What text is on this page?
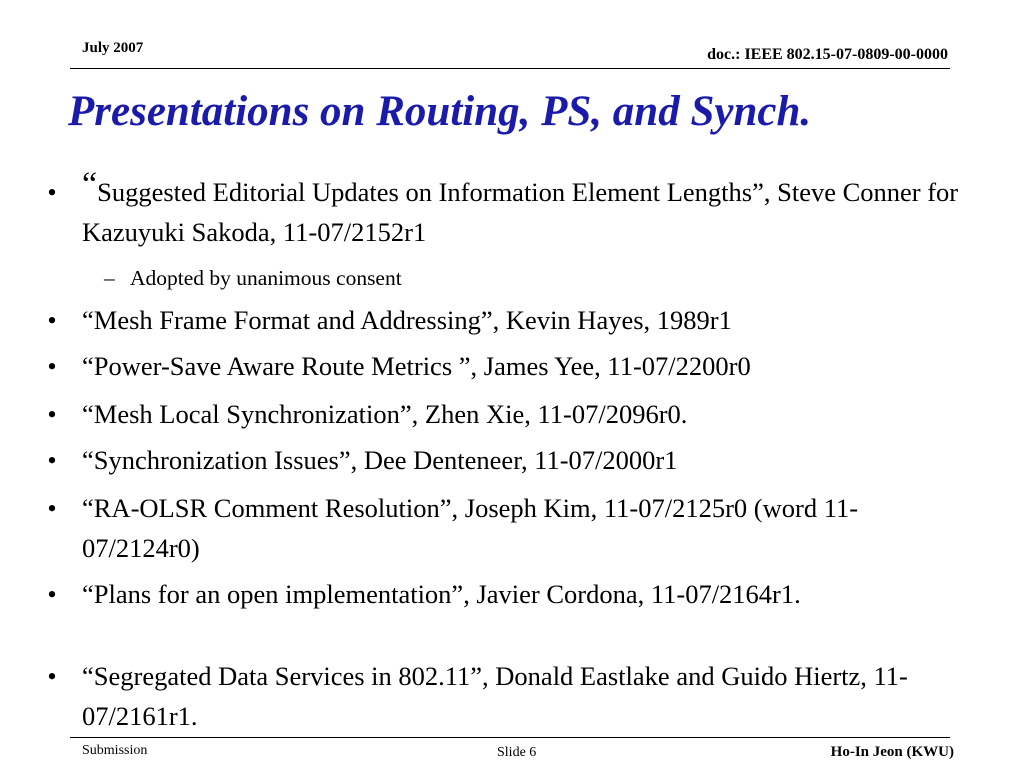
July 2007	doc.: IEEE 802.15-07-0809-00-0000
Presentations on Routing, PS, and Synch.
• “Suggested Editorial Updates on Information Element Lengths”, Steve Conner for Kazuyuki Sakoda, 11-07/2152r1
– Adopted by unanimous consent
• “Mesh Frame Format and Addressing”, Kevin Hayes, 1989r1
• “Power-Save Aware Route Metrics ”, James Yee, 11-07/2200r0
• “Mesh Local Synchronization”, Zhen Xie, 11-07/2096r0.
• “Synchronization Issues”, Dee Denteneer, 11-07/2000r1
• “RA-OLSR Comment Resolution”, Joseph Kim, 11-07/2125r0 (word 11-07/2124r0)
• “Plans for an open implementation”, Javier Cordona, 11-07/2164r1.
• “Segregated Data Services in 802.11”, Donald Eastlake and Guido Hiertz, 11-07/2161r1.
Submission	Slide 6	Ho-In Jeon (KWU)
